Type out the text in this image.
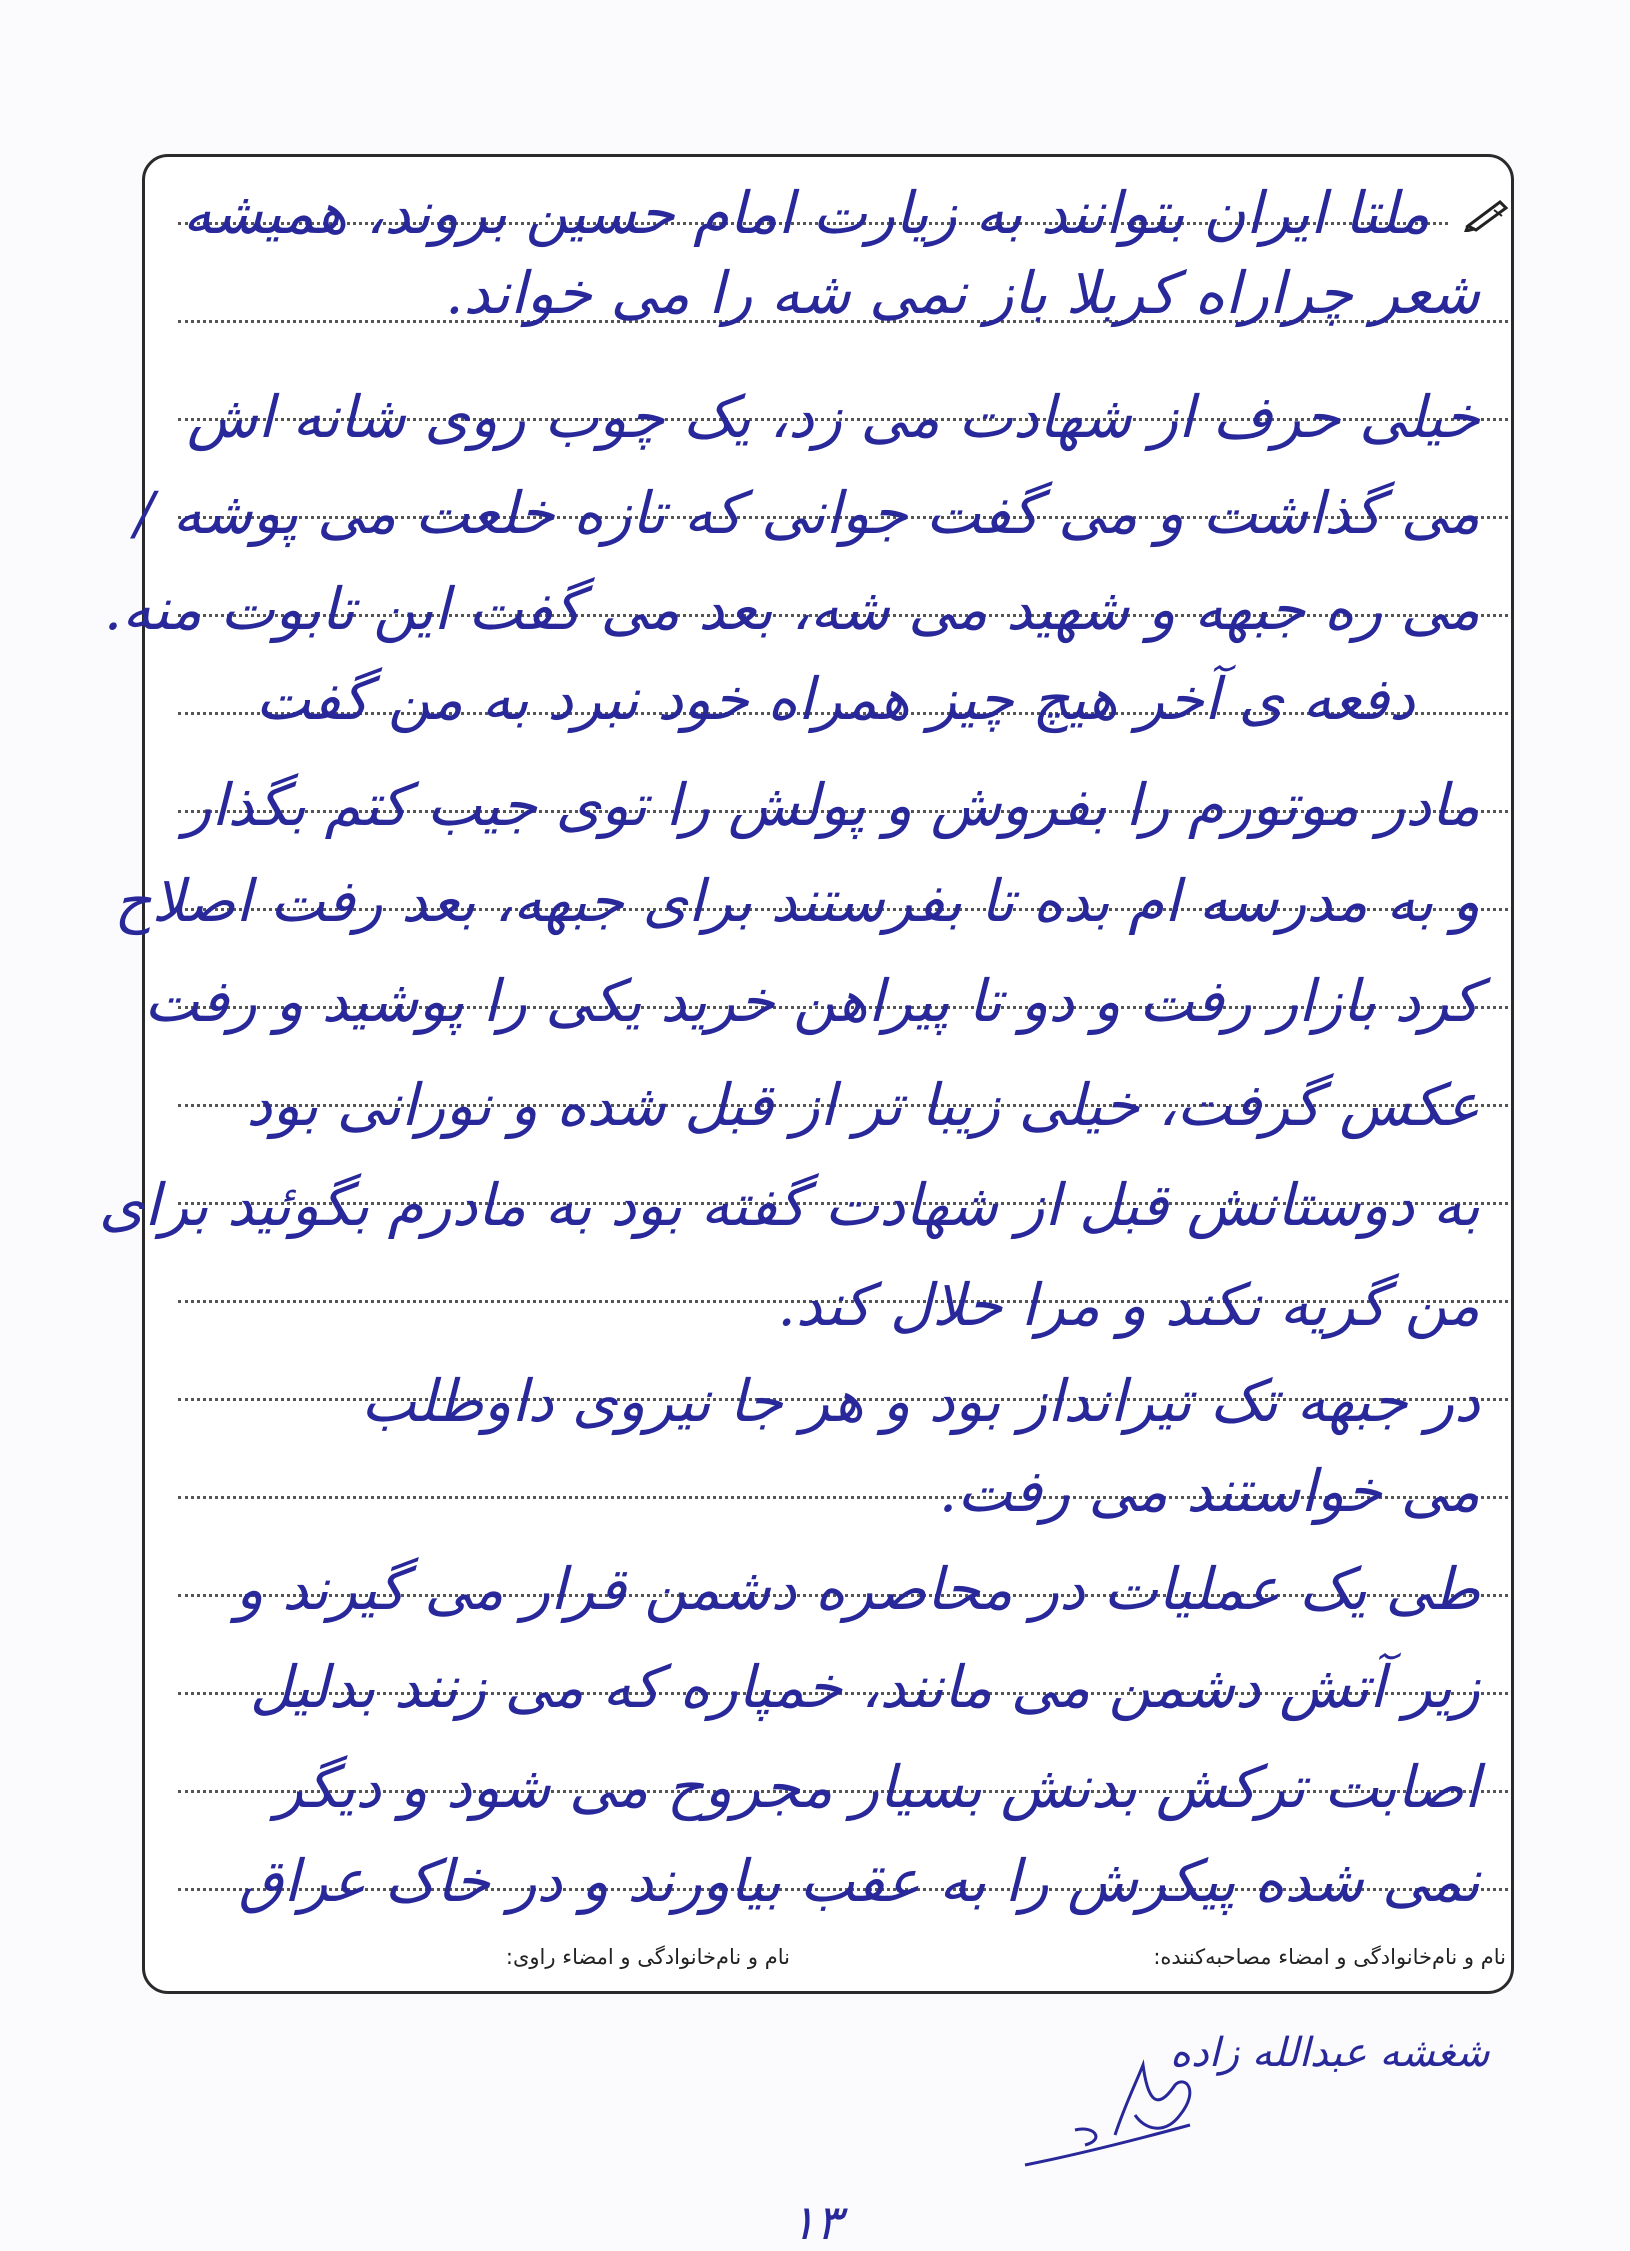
ملتا ایران بتوانند به زیارت امام حسین بروند، همیشه
شعر چراراه کربلا باز نمی شه را می خواند.
خیلی حرف از شهادت می زد، یک چوب روی شانه اش
می گذاشت و می گفت جوانی که تازه خلعت می پوشه /
می ره جبهه و شهید می شه، بعد می گفت این تابوت منه.
دفعه ی آخر هیچ چیز همراه خود نبرد به من گفت
مادر موتورم را بفروش و پولش را توی جیب کتم بگذار
و به مدرسه ام بده تا بفرستند برای جبهه، بعد رفت اصلاح
کرد بازار رفت و دو تا پیراهن خرید یکی را پوشید و رفت
عکس گرفت، خیلی زیبا تر از قبل شده و نورانی بود
به دوستانش قبل از شهادت گفته بود به مادرم بگوئید برای
من گریه نکند و مرا حلال کند.
در جبهه تک تیرانداز بود و هر جا نیروی داوطلب
می خواستند می رفت.
طی یک عملیات در محاصره دشمن قرار می گیرند و
زیر آتش دشمن می مانند، خمپاره که می زنند بدلیل
اصابت ترکش بدنش بسیار مجروح می شود و دیگر
نمی شده پیکرش را به عقب بیاورند و در خاک عراق
نام و نام‌خانوادگی و امضاء مصاحبه‌کننده:
نام و نام‌خانوادگی و امضاء راوی:
شغشه عبدالله زاده
۱۳
